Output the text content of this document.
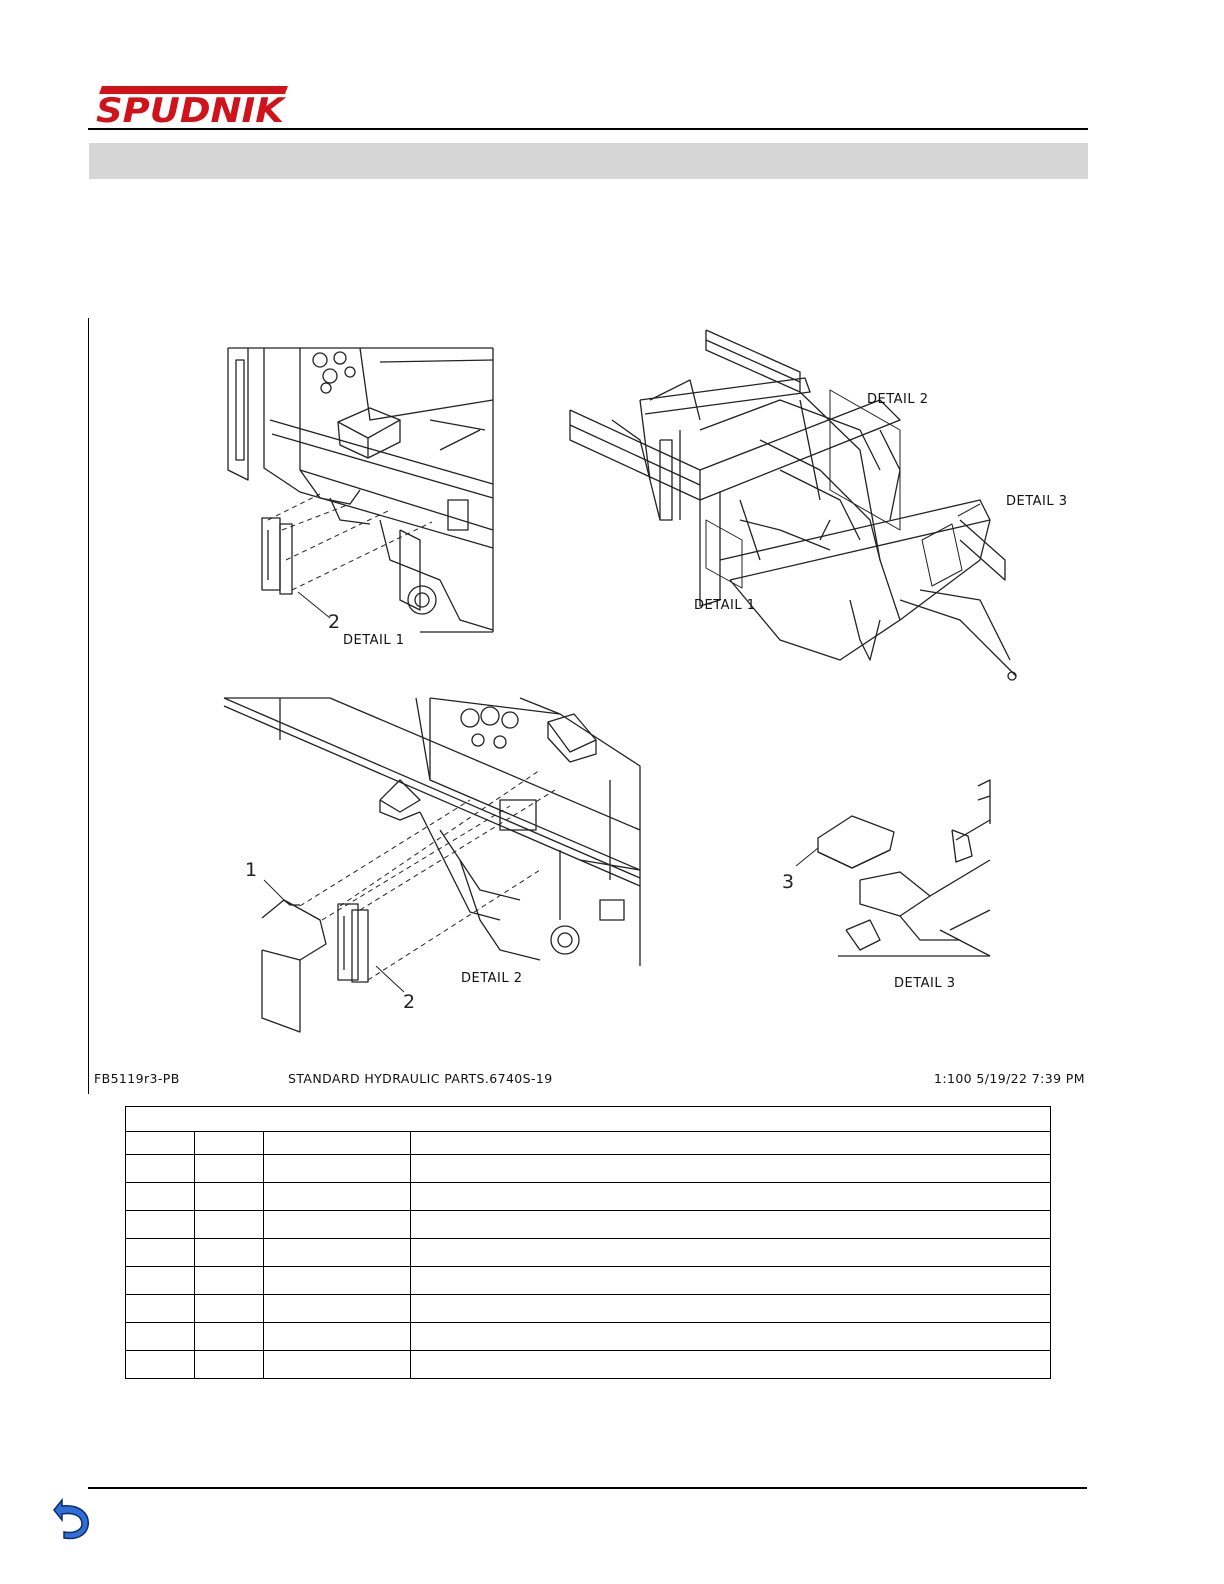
SPUDNIK
DETAIL 1
DETAIL 2
DETAIL 3
DETAIL 1
DETAIL 2	DETAIL 3
2
1
2
3
FB5119r3-PB	STANDARD HYDRAULIC PARTS.6740S-19	1:100 5/19/22 7:39 PM
